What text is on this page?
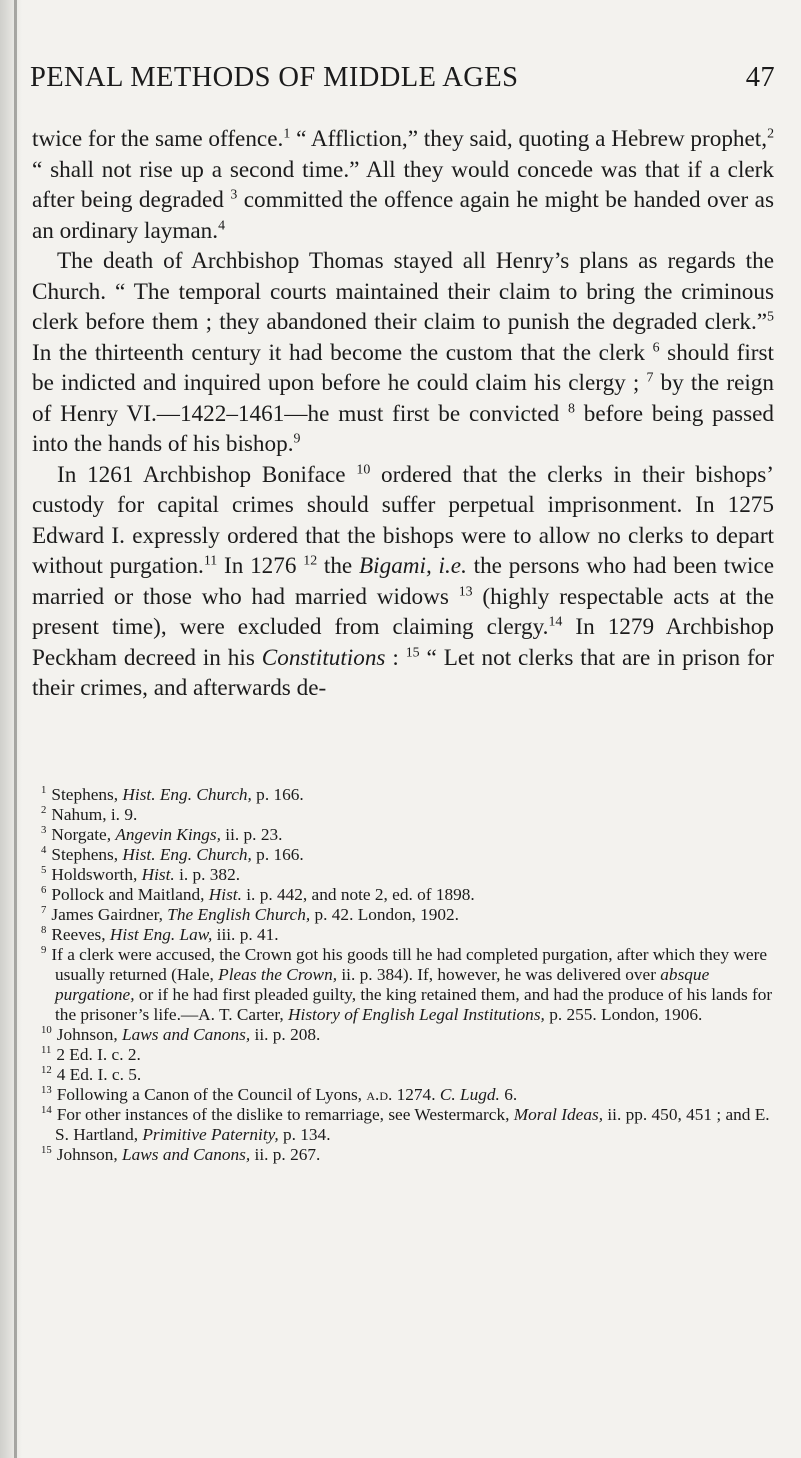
PENAL METHODS OF MIDDLE AGES	47

twice for the same offence.$^1$ “ Affliction,” they said, quoting a Hebrew prophet,$^2$ “ shall not rise up a second time.” All they would concede was that if a clerk after being degraded $^3$ committed the offence again he might be handed over as an ordinary layman.$^4$

The death of Archbishop Thomas stayed all Henry’s plans as regards the Church. “ The temporal courts maintained their claim to bring the criminous clerk before them ; they abandoned their claim to punish the degraded clerk.”$^5$ In the thirteenth century it had become the custom that the clerk $^6$ should first be indicted and inquired upon before he could claim his clergy ; $^7$ by the reign of Henry VI.—1422–1461—he must first be convicted $^8$ before being passed into the hands of his bishop.$^9$

In 1261 Archbishop Boniface $^{10}$ ordered that the clerks in their bishops’ custody for capital crimes should suffer perpetual imprisonment. In 1275 Edward I. expressly ordered that the bishops were to allow no clerks to depart without purgation.$^{11}$ In 1276 $^{12}$ the Bigami, i.e. the persons who had been twice married or those who had married widows $^{13}$ (highly respectable acts at the present time), were excluded from claiming clergy.$^{14}$ In 1279 Archbishop Peckham decreed in his Constitutions : $^{15}$ “ Let not clerks that are in prison for their crimes, and afterwards de-

$^1$ Stephens, Hist. Eng. Church, p. 166.
$^2$ Nahum, i. 9.
$^3$ Norgate, Angevin Kings, ii. p. 23.
$^4$ Stephens, Hist. Eng. Church, p. 166.
$^5$ Holdsworth, Hist. i. p. 382.
$^6$ Pollock and Maitland, Hist. i. p. 442, and note 2, ed. of 1898.
$^7$ James Gairdner, The English Church, p. 42. London, 1902.
$^8$ Reeves, Hist Eng. Law, iii. p. 41.
$^9$ If a clerk were accused, the Crown got his goods till he had completed purgation, after which they were usually returned (Hale, Pleas the Crown, ii. p. 384). If, however, he was delivered over absque purgatione, or if he had first pleaded guilty, the king retained them, and had the produce of his lands for the prisoner’s life.—A. T. Carter, History of English Legal Institutions, p. 255. London, 1906.
$^{10}$ Johnson, Laws and Canons, ii. p. 208.
$^{11}$ 2 Ed. I. c. 2.
$^{12}$ 4 Ed. I. c. 5.
$^{13}$ Following a Canon of the Council of Lyons, a.d. 1274. C. Lugd. 6.
$^{14}$ For other instances of the dislike to remarriage, see Westermarck, Moral Ideas, ii. pp. 450, 451 ; and E. S. Hartland, Primitive Paternity, p. 134.
$^{15}$ Johnson, Laws and Canons, ii. p. 267.
